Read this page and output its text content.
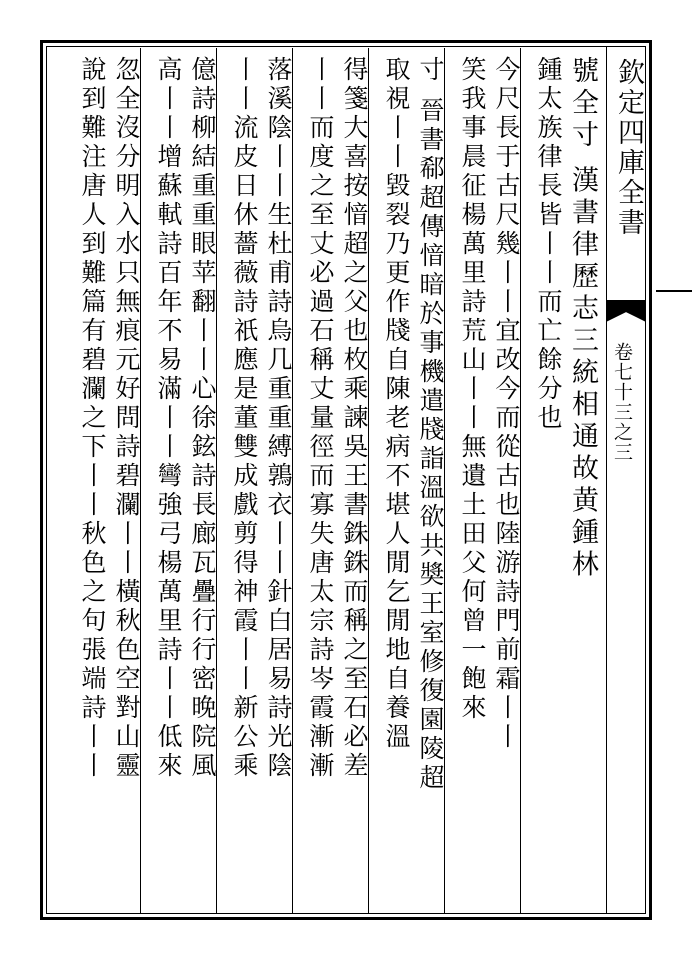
欽定四庫全書
卷七十三之三
號全寸 漢書律歷志三統相通故黄鍾林
鍾太族律長皆丨丨而亡餘分也
今尺長于古尺幾丨丨宜改今而從古也陸游詩門前霜丨丨
笑我事晨征楊萬里詩荒山丨丨無遺土田父何曾一飽來
寸 晉書郗超傳愔暗於事機遣牋詣溫欲共奬王室修復園陵超
取視丨丨毀裂乃更作牋自陳老病不堪人閒乞閒地自養溫
得箋大喜按愔超之父也枚乘諫吳王書銖銖而稱之至石必差
丨丨而度之至丈必過石稱丈量徑而寡失唐太宗詩岑霞漸漸
落溪陰丨丨生杜甫詩烏几重重縛鶉衣丨丨針白居易詩光陰
丨丨流皮日休薔薇詩祇應是董雙成戲剪得神霞丨丨新公乘
億詩柳結重重眼苹翻丨丨心徐鉉詩長廊瓦疊行行密晚院風
高丨丨增蘇軾詩百年不易滿丨丨彎強弓楊萬里詩丨丨低來
忽全沒分明入水只無痕元好問詩碧瀾丨丨橫秋色空對山靈
說到難注唐人到難篇有碧瀾之下丨丨秋色之句張端詩丨丨
